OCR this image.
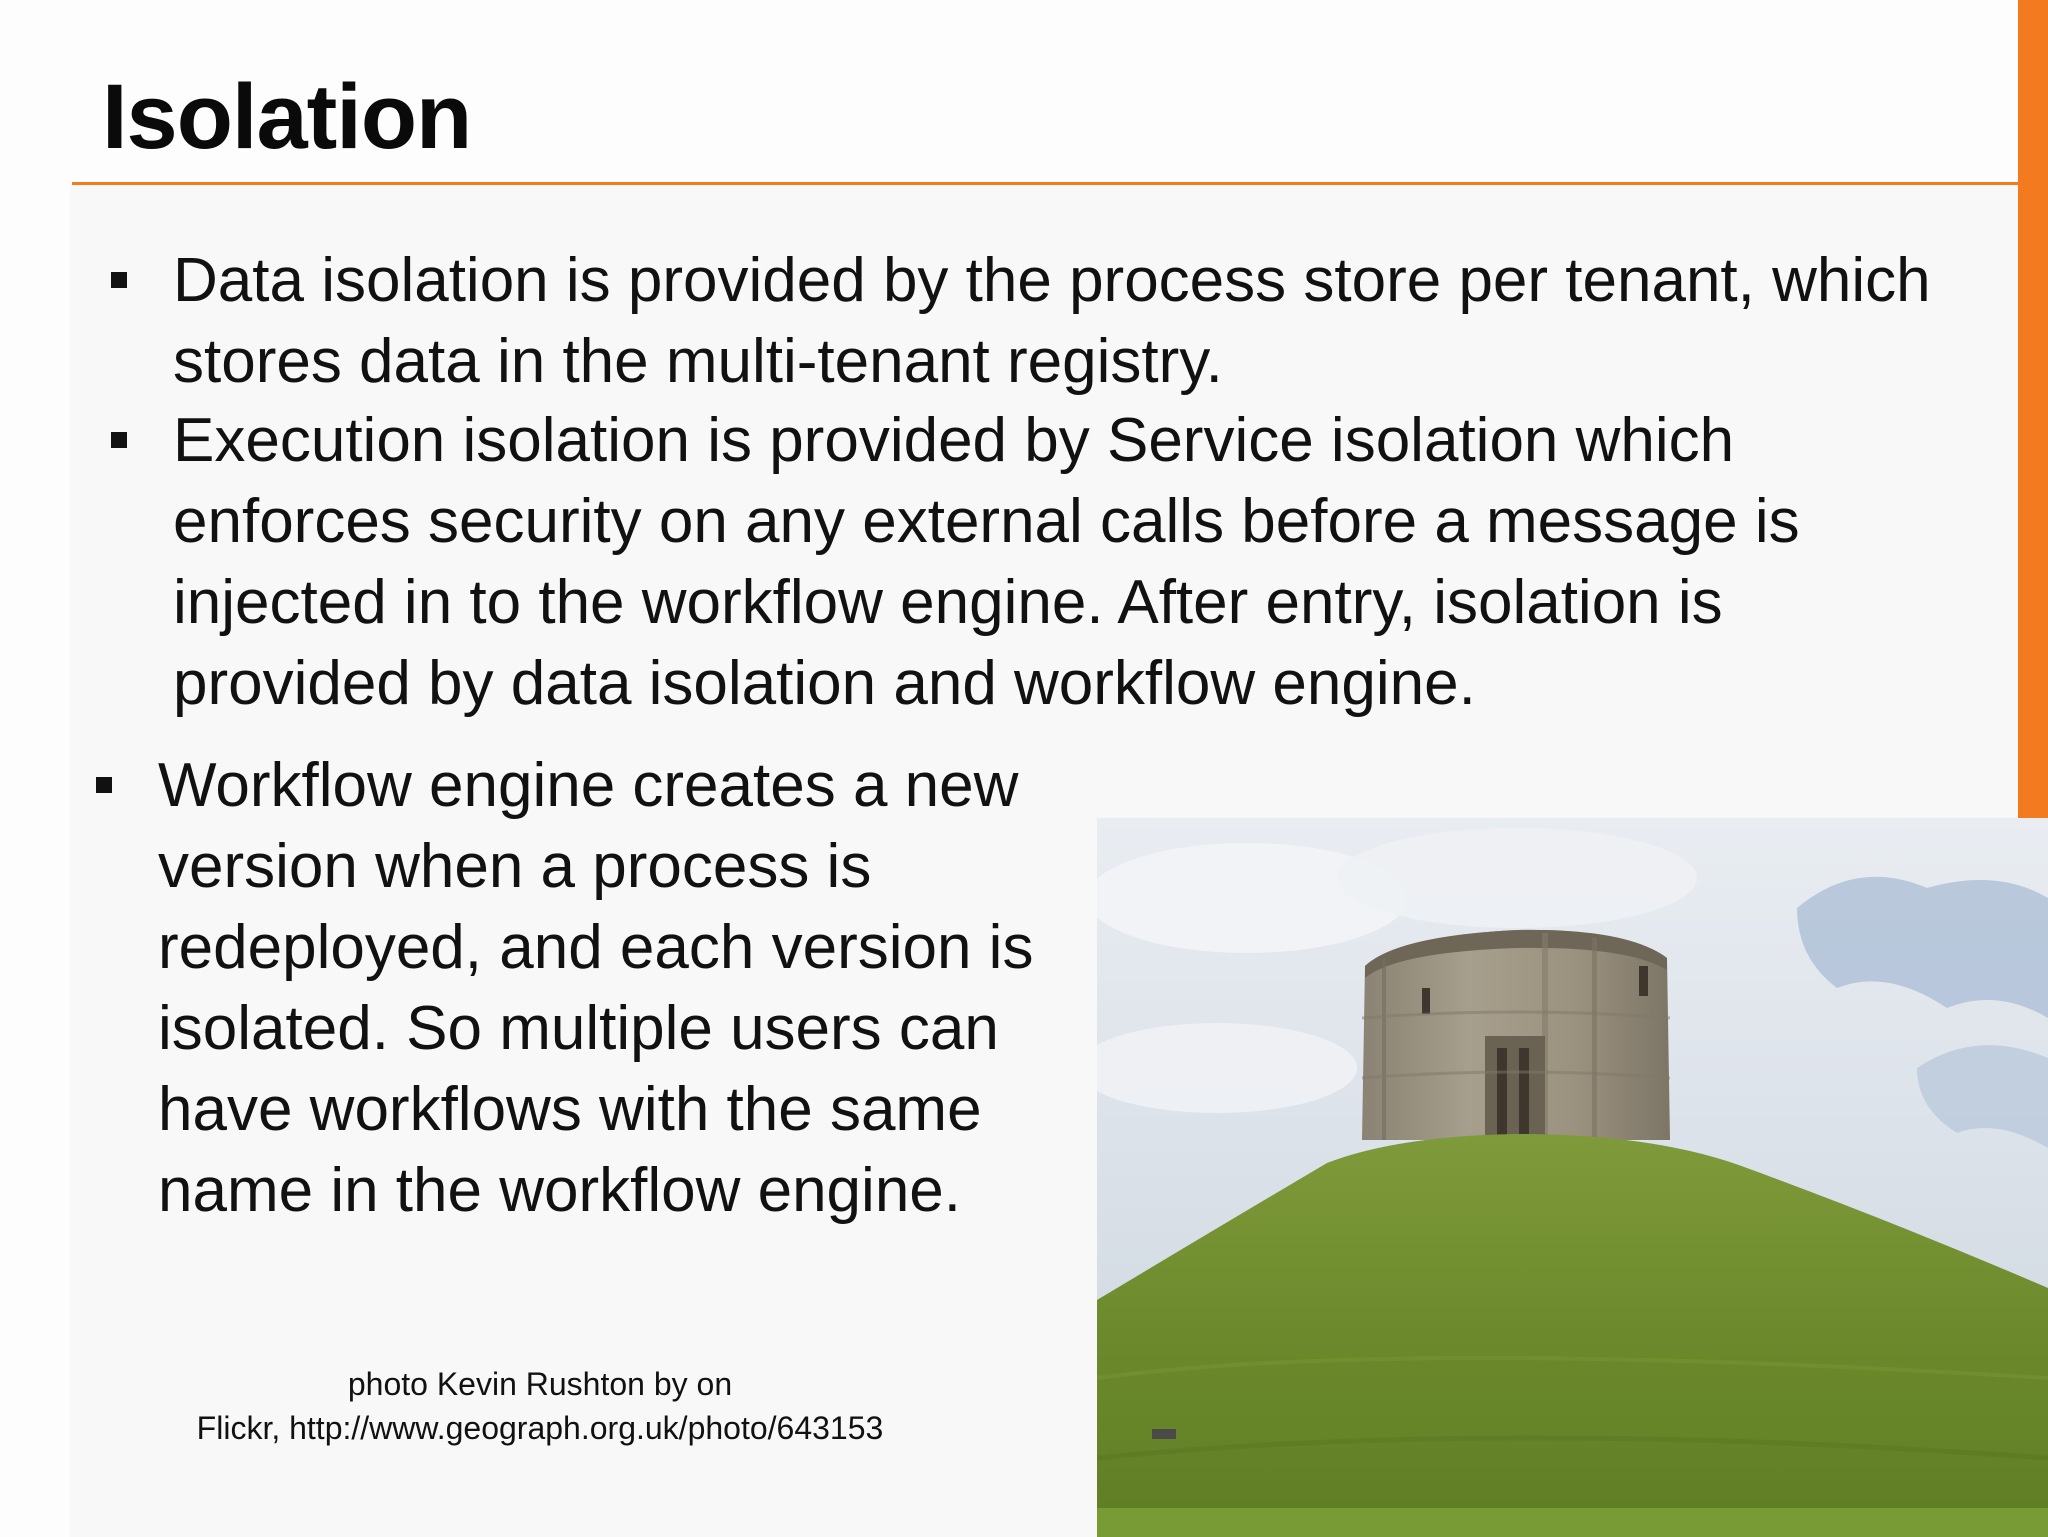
Isolation
Data isolation is provided by the process store per tenant, which stores data in the multi-tenant registry.
Execution isolation is provided by Service isolation which enforces security on any external calls before a message is injected in to the workflow engine. After entry, isolation is provided by data isolation and workflow engine.
Workflow engine creates a new version when a process is redeployed, and each version is isolated. So multiple users can have workflows with the same name in the workflow engine.
photo Kevin Rushton by on
Flickr, http://www.geograph.org.uk/photo/643153
